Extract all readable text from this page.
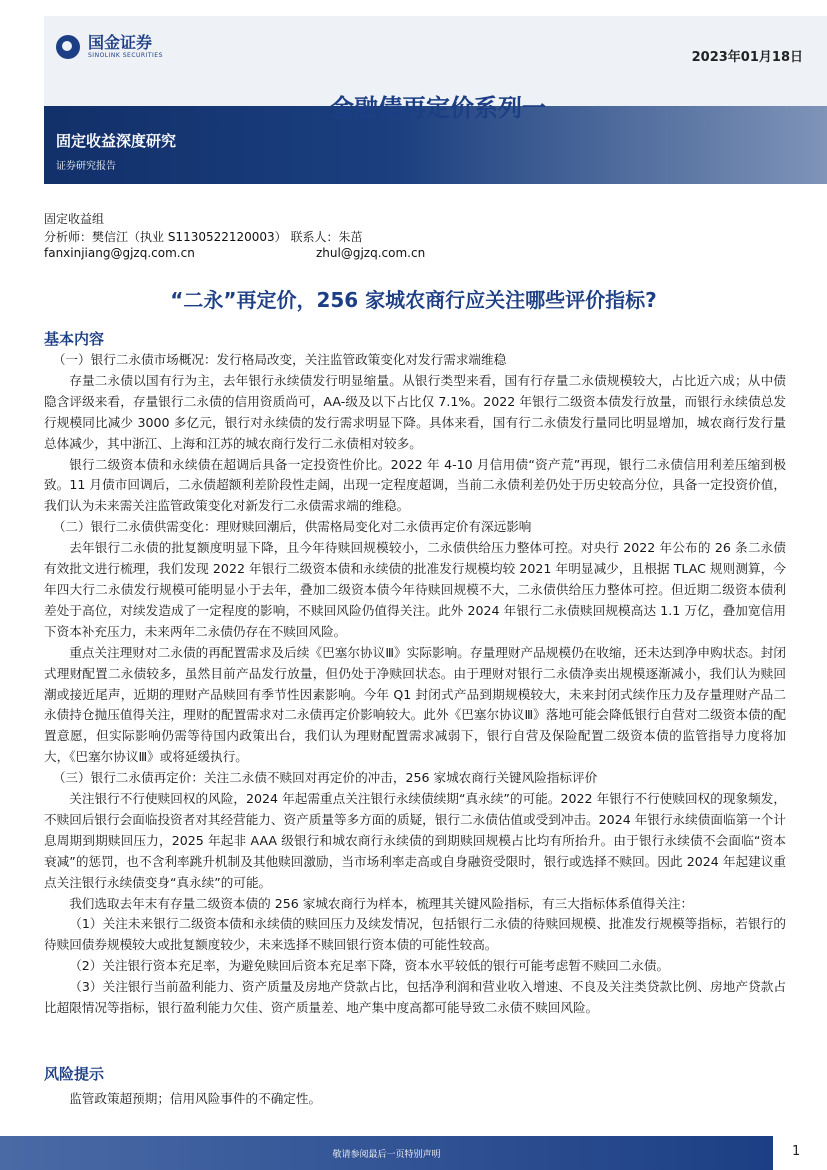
国金证券
SINOLINK SECURITIES	2023年01月18日
金融债再定价系列一
固定收益深度研究
证券研究报告
固定收益组
分析师：樊信江（执业 S1130522120003） 联系人：朱茁
fanxinjiang@gjzq.com.cn	zhul@gjzq.com.cn
“二永”再定价，256 家城农商行应关注哪些评价指标?
基本内容

（一）银行二永债市场概况：发行格局改变，关注监管政策变化对发行需求端维稳

存量二永债以国有行为主，去年银行永续债发行明显缩量。从银行类型来看，国有行存量二永债规模较大，占比近六成；从中债隐含评级来看，存量银行二永债的信用资质尚可，AA-级及以下占比仅 7.1%。2022 年银行二级资本债发行放量，而银行永续债总发行规模同比减少 3000 多亿元，银行对永续债的发行需求明显下降。具体来看，国有行二永债发行量同比明显增加，城农商行发行量总体减少，其中浙江、上海和江苏的城农商行发行二永债相对较多。

银行二级资本债和永续债在超调后具备一定投资性价比。2022 年 4-10 月信用债“资产荒”再现，银行二永债信用利差压缩到极致。11 月债市回调后，二永债超额利差阶段性走阔，出现一定程度超调，当前二永债利差仍处于历史较高分位，具备一定投资价值，我们认为未来需关注监管政策变化对新发行二永债需求端的维稳。

（二）银行二永债供需变化：理财赎回潮后，供需格局变化对二永债再定价有深远影响

去年银行二永债的批复额度明显下降，且今年待赎回规模较小，二永债供给压力整体可控。对央行 2022 年公布的 26 条二永债有效批文进行梳理，我们发现 2022 年银行二级资本债和永续债的批准发行规模均较 2021 年明显减少，且根据 TLAC 规则测算，今年四大行二永债发行规模可能明显小于去年，叠加二级资本债今年待赎回规模不大，二永债供给压力整体可控。但近期二级资本债利差处于高位，对续发造成了一定程度的影响，不赎回风险仍值得关注。此外 2024 年银行二永债赎回规模高达 1.1 万亿，叠加宽信用下资本补充压力，未来两年二永债仍存在不赎回风险。

重点关注理财对二永债的再配置需求及后续《巴塞尔协议Ⅲ》实际影响。存量理财产品规模仍在收缩，还未达到净申购状态。封闭式理财配置二永债较多，虽然目前产品发行放量，但仍处于净赎回状态。由于理财对银行二永债净卖出规模逐渐减小，我们认为赎回潮或接近尾声，近期的理财产品赎回有季节性因素影响。今年 Q1 封闭式产品到期规模较大，未来封闭式续作压力及存量理财产品二永债持仓抛压值得关注，理财的配置需求对二永债再定价影响较大。此外《巴塞尔协议Ⅲ》落地可能会降低银行自营对二级资本债的配置意愿，但实际影响仍需等待国内政策出台，我们认为理财配置需求减弱下，银行自营及保险配置二级资本债的监管指导力度将加大，《巴塞尔协议Ⅲ》或将延缓执行。

（三）银行二永债再定价：关注二永债不赎回对再定价的冲击，256 家城农商行关键风险指标评价

关注银行不行使赎回权的风险，2024 年起需重点关注银行永续债续期“真永续”的可能。2022 年银行不行使赎回权的现象频发，不赎回后银行会面临投资者对其经营能力、资产质量等多方面的质疑，银行二永债估值或受到冲击。2024 年银行永续债面临第一个计息周期到期赎回压力，2025 年起非 AAA 级银行和城农商行永续债的到期赎回规模占比均有所抬升。由于银行永续债不会面临“资本衰减”的惩罚，也不含利率跳升机制及其他赎回激励，当市场利率走高或自身融资受限时，银行或选择不赎回。因此 2024 年起建议重点关注银行永续债变身“真永续”的可能。

我们选取去年末有存量二级资本债的 256 家城农商行为样本，梳理其关键风险指标，有三大指标体系值得关注：

（1）关注未来银行二级资本债和永续债的赎回压力及续发情况，包括银行二永债的待赎回规模、批准发行规模等指标，若银行的待赎回债券规模较大或批复额度较少，未来选择不赎回银行资本债的可能性较高。

（2）关注银行资本充足率，为避免赎回后资本充足率下降，资本水平较低的银行可能考虑暂不赎回二永债。

（3）关注银行当前盈利能力、资产质量及房地产贷款占比，包括净利润和营业收入增速、不良及关注类贷款比例、房地产贷款占比超限情况等指标，银行盈利能力欠佳、资产质量差、地产集中度高都可能导致二永债不赎回风险。

风险提示
监管政策超预期；信用风险事件的不确定性。
敬请参阅最后一页特别声明	1
